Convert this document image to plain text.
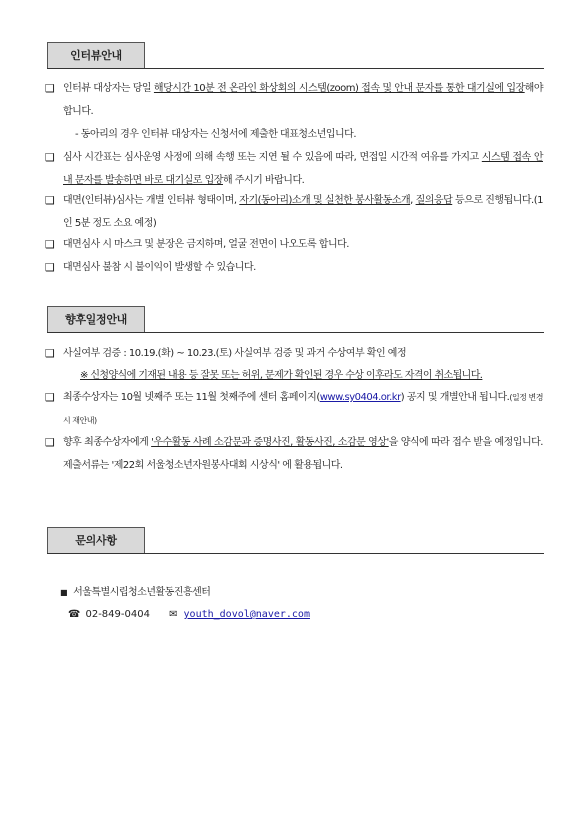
인터뷰안내
❑ 인터뷰 대상자는 당일 해당시간 10분 전 온라인 화상회의 시스템(zoom) 접속 및 안내 문자를 통한 대기실에 입장해야 합니다.
- 동아리의 경우 인터뷰 대상자는 신청서에 제출한 대표청소년입니다.
❑ 심사 시간표는 심사운영 사정에 의해 속행 또는 지연 될 수 있음에 따라, 면접일 시간적 여유를 가지고 시스템 접속 안내 문자를 발송하면 바로 대기실로 입장해 주시기 바랍니다.
❑ 대면(인터뷰)심사는 개별 인터뷰 형태이며, 자기(동아리)소개 및 실천한 봉사활동소개, 질의응답 등으로 진행됩니다.(1인 5분 정도 소요 예정)
❑ 대면심사 시 마스크 및 분장은 금지하며, 얼굴 전면이 나오도록 합니다.
❑ 대면심사 불참 시 불이익이 발생할 수 있습니다.
향후일정안내
❑ 사실여부 검증 : 10.19.(화) ~ 10.23.(토) 사실여부 검증 및 과거 수상여부 확인 예정
※ 신청양식에 기재된 내용 등 잘못 또는 허위, 문제가 확인된 경우 수상 이후라도 자격이 취소됩니다.
❑ 최종수상자는 10월 넷째주 또는 11월 첫째주에 센터 홈페이지(www.sy0404.or.kr) 공지 및 개별안내 됩니다.(일정 변경 시 재안내)
❑ 향후 최종수상자에게 '우수활동 사례 소감문과 증명사진, 활동사진, 소감문 영상'을 양식에 따라 접수 받을 예정입니다. 제출서류는 '제22회 서울청소년자원봉사대회 시상식' 에 활용됩니다.
문의사항
■ 서울특별시립청소년활동진흥센터
☎ 02-849-0404 ✉ youth_dovol@naver.com
